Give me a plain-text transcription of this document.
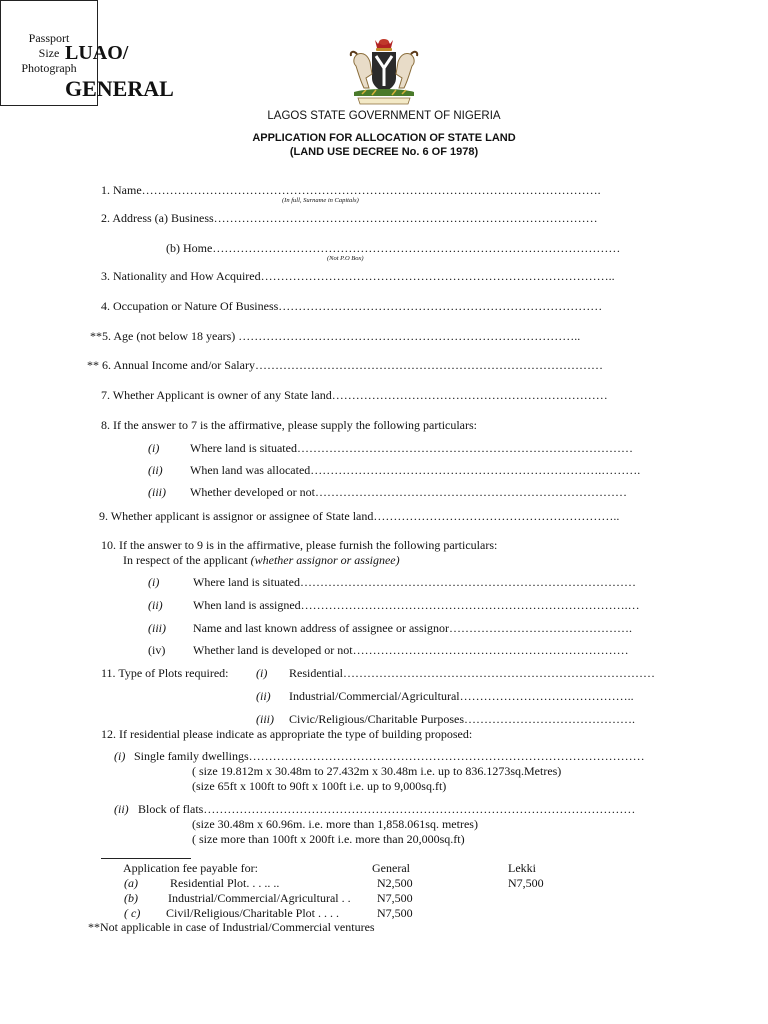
LUAO/
GENERAL
Passport
Size
Photograph
LAGOS STATE GOVERNMENT OF NIGERIA
APPLICATION FOR ALLOCATION OF STATE LAND
(LAND USE DECREE No. 6 OF 1978)
1. Name…………………………………………………………………………………………………….
(In full, Surname in Capitals)
2. Address (a) Business……………………………………………………………………………………
(b) Home…………………………………………………………………………………………
(Not P.O Box)
3. Nationality and How Acquired……………………………………………………………………………..
4. Occupation or Nature Of Business………………………………………………………………………
**5. Age (not below 18 years) …………………………………………………………………………..
** 6. Annual Income and/or Salary……………………………………………………………………………
7. Whether Applicant is owner of any State land……………………………………………………………
8. If the answer to 7 is the affirmative, please supply the following particulars:
(i)	Where land is situated…………………………………………………………………………
(ii) When land was allocated……………………………………………………………….……….
(iii) Whether developed or not……………………………………………………………………
9. Whether applicant is assignor or assignee of State land……………………………………………………..
10. If the answer to 9 is in the affirmative, please furnish the following particulars:
In respect of the applicant (whether assignor or assignee)
(i)	Where land is situated…………………………………………………………………………
(ii)	When land is assigned……………………………………………………………………….…
(iii) Name and last known address of assignee or assignor……………………………………….
(iv) Whether land is developed or not……………………………………………………………
11. Type of Plots required: (i) Residential……………………………………………………………………
(ii) Industrial/Commercial/Agricultural……………………………………..
(iii) Civic/Religious/Charitable Purposes…………………………………….
12. If residential please indicate as appropriate the type of building proposed:
(i) Single family dwellings………………………………………………………………………………………
( size 19.812m x 30.48m to 27.432m x 30.48m i.e. up to 836.1273sq.Metres)
(size 65ft x 100ft to 90ft x 100ft i.e. up to 9,000sq.ft)
(ii) Block of flats………………………………………………………………………………………………
(size 30.48m x 60.96m. i.e. more than 1,858.061sq. metres)
( size more than 100ft x 200ft i.e. more than 20,000sq.ft)
Application fee payable for:	General	Lekki
(a)	Residential Plot. . . .. ..	N2,500	N7,500
(b)	Industrial/Commercial/Agricultural . . N7,500
( c) Civil/Religious/Charitable Plot . . . .	N7,500
**Not applicable in case of Industrial/Commercial ventures
